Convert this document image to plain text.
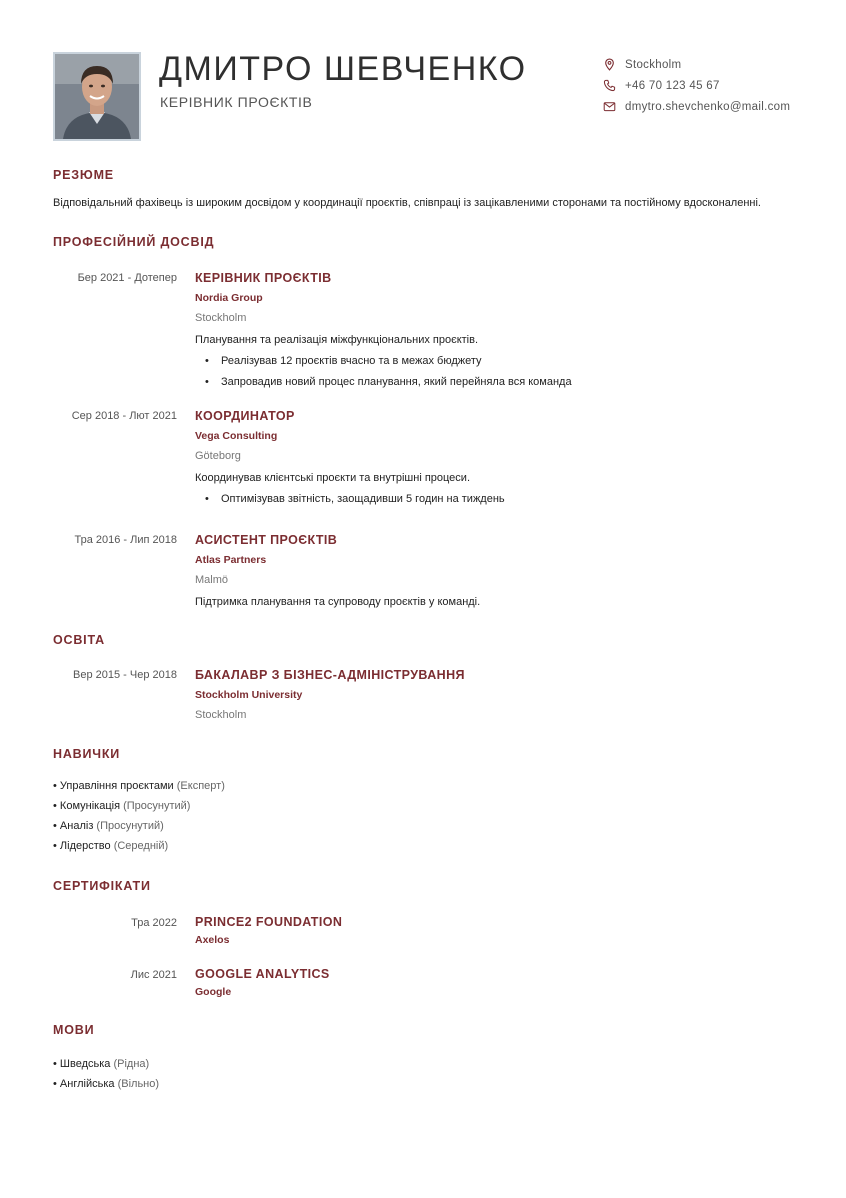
ДМИТРО ШЕВЧЕНКО
КЕРІВНИК ПРОЄКТІВ
Stockholm
+46 70 123 45 67
dmytro.shevchenko@mail.com
РЕЗЮМЕ
Відповідальний фахівець із широким досвідом у координації проєктів, співпраці із зацікавленими сторонами та постійному вдосконаленні.
ПРОФЕСІЙНИЙ ДОСВІД
Бер 2021 - Дотепер КЕРІВНИК ПРОЄКТІВ
Nordia Group
Stockholm
Планування та реалізація міжфункціональних проєктів.
• Реалізував 12 проєктів вчасно та в межах бюджету
• Запровадив новий процес планування, який перейняла вся команда
Сер 2018 - Лют 2021 КООРДИНАТОР
Vega Consulting
Göteborg
Координував клієнтські проєкти та внутрішні процеси.
• Оптимізував звітність, заощадивши 5 годин на тиждень
Тра 2016 - Лип 2018 АСИСТЕНТ ПРОЄКТІВ
Atlas Partners
Malmö
Підтримка планування та супроводу проєктів у команді.
ОСВІТА
Вер 2015 - Чер 2018 БАКАЛАВР З БІЗНЕС-АДМІНІСТРУВАННЯ
Stockholm University
Stockholm
НАВИЧКИ
• Управління проєктами (Експерт)
• Комунікація (Просунутий)
• Аналіз (Просунутий)
• Лідерство (Середній)
СЕРТИФІКАТИ
Тра 2022 PRINCE2 FOUNDATION
Axelos
Лис 2021 GOOGLE ANALYTICS
Google
МОВИ
• Шведська (Рідна)
• Англійська (Вільно)
